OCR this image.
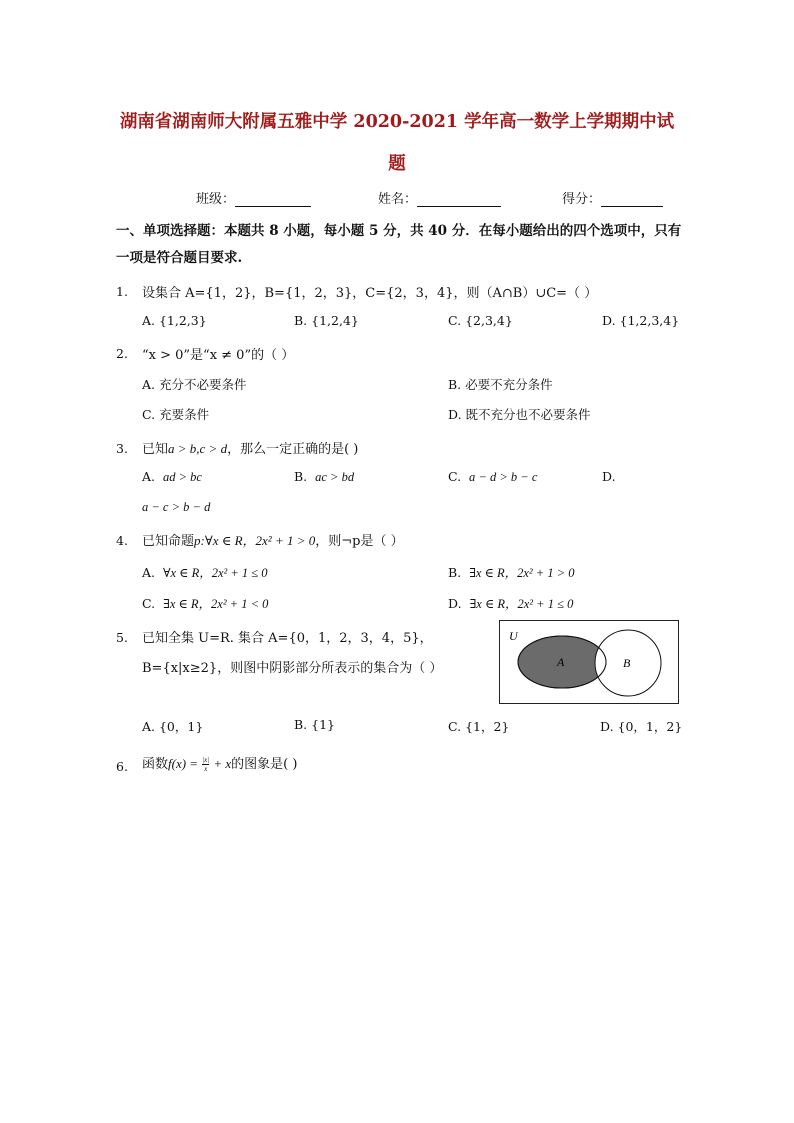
湖南省湖南师大附属五雅中学 2020-2021 学年高一数学上学期期中试
题
班级：	姓名：	得分：
一、单项选择题：本题共 8 小题，每小题 5 分，共 40 分．在每小题给出的四个选项中，只有
一项是符合题目要求.
1. 设集合 A={1，2}，B={1，2，3}，C={2，3，4}，则（A∩B）∪C=（ ）
A. {1,2,3}	B. {1,2,4}	C. {2,3,4}	D. {1,2,3,4}
2. “x > 0”是“x ≠ 0”的（ ）
A. 充分不必要条件	B. 必要不充分条件
C. 充要条件	D. 既不充分也不必要条件
3. 已知a > b,c > d，那么一定正确的是( )
A. ad > bc	B. ac > bd	C. a − d > b − c	D.
a − c > b − d
4. 已知命题p:∀x ∈ R，2x² + 1 > 0，则¬p是（ ）
A. ∀x ∈ R，2x² + 1 ≤ 0	B. ∃x ∈ R，2x² + 1 > 0
C. ∃x ∈ R，2x² + 1 < 0	D. ∃x ∈ R，2x² + 1 ≤ 0
5. 已知全集 U=R. 集合 A={0，1，2，3，4，5}，
B={x|x≥2}，则图中阴影部分所表示的集合为（ ）
U
A	B
A. {0，1}	B. {1}	C. {1，2}	D. {0，1，2}
6. 函数$f(x) = \frac{|x|}{x} + x$的图象是( )
